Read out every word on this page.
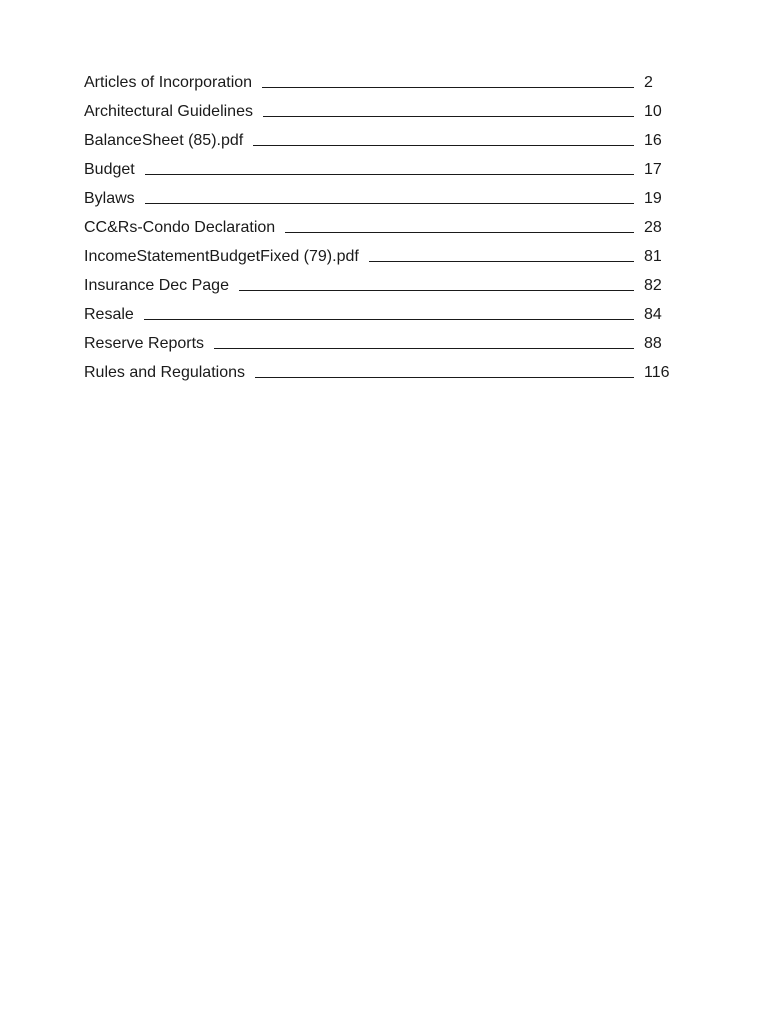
Articles of Incorporation	2
Architectural Guidelines	10
BalanceSheet (85).pdf	16
Budget	17
Bylaws	19
CC&Rs-Condo Declaration	28
IncomeStatementBudgetFixed (79).pdf	81
Insurance Dec Page	82
Resale	84
Reserve Reports	88
Rules and Regulations	116
